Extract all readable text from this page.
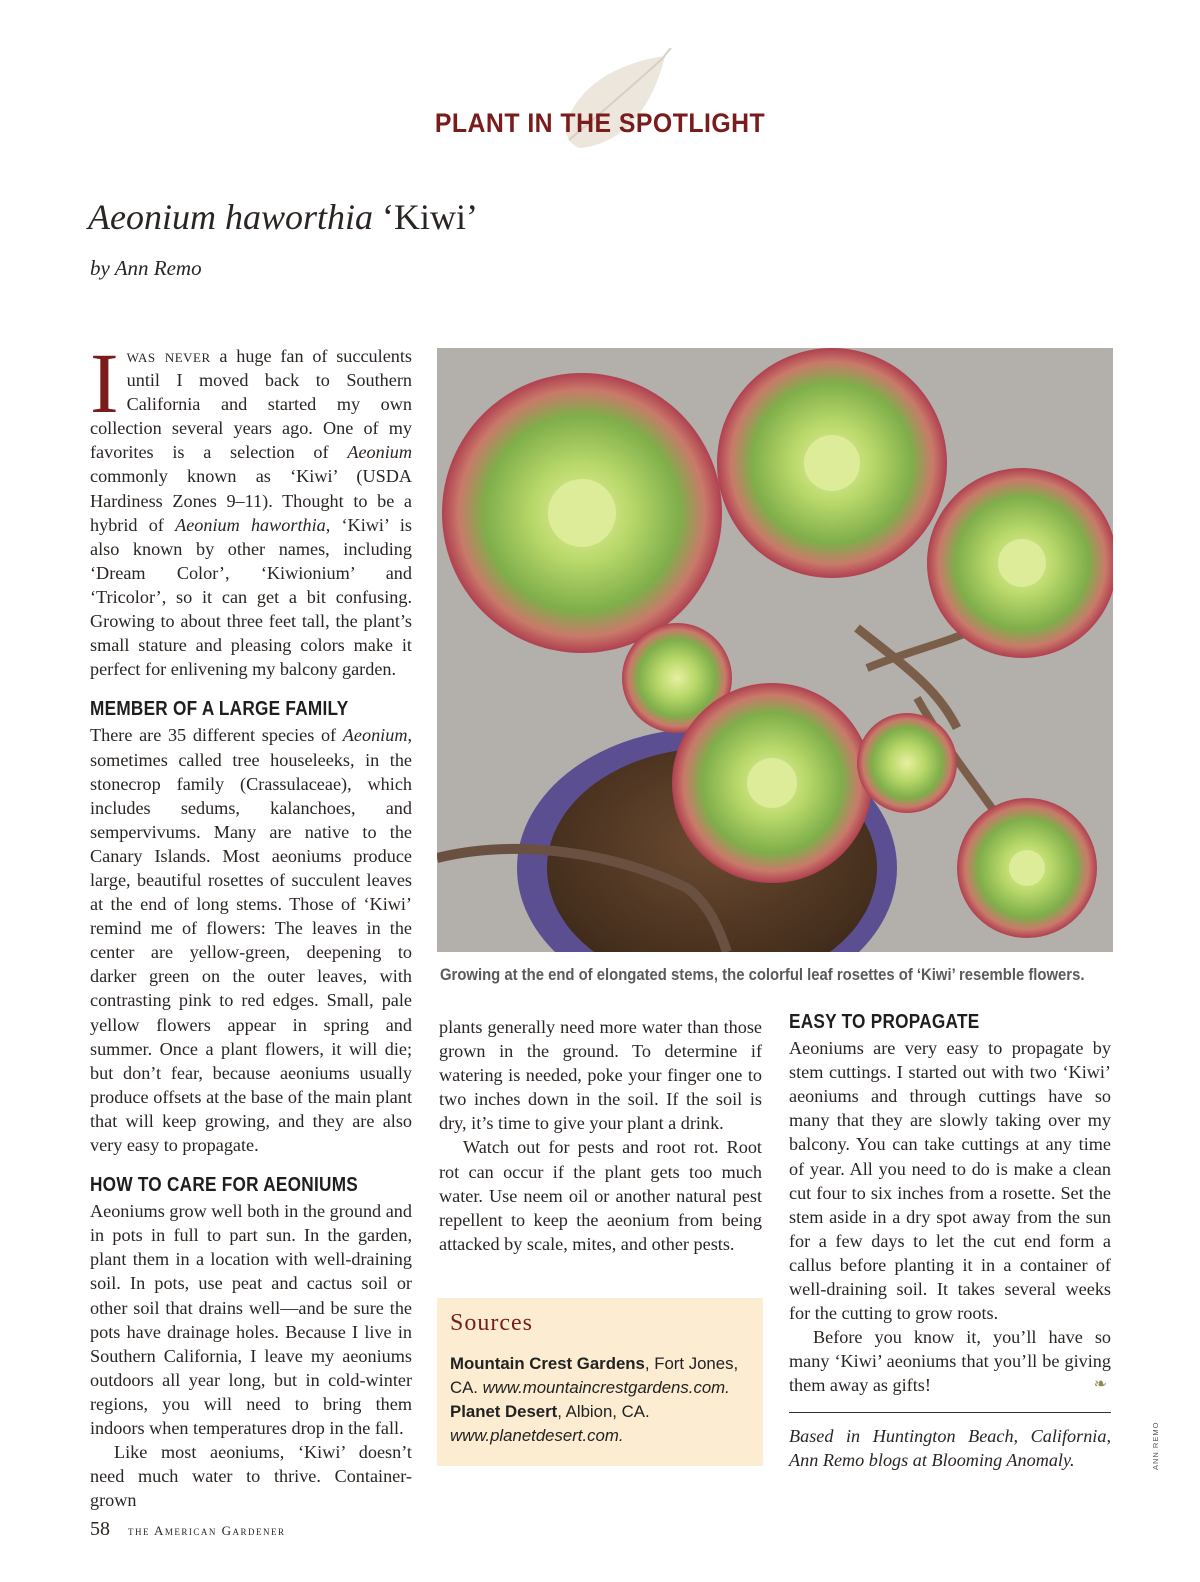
PLANT IN THE SPOTLIGHT
Aeonium haworthia ‘Kiwi’
by Ann Remo

Iwas never a huge fan of succulents until I moved back to Southern California and started my own collection several years ago. One of my favorites is a selection of Aeonium commonly known as ‘Kiwi’ (USDA Hardiness Zones 9–11). Thought to be a hybrid of Aeonium haworthia, ‘Kiwi’ is also known by other names, including ‘Dream Color’, ‘Kiwionium’ and ‘Tricolor’, so it can get a bit confusing. Growing to about three feet tall, the plant’s small stature and pleasing colors make it perfect for enlivening my balcony garden.

MEMBER OF A LARGE FAMILY

There are 35 different species of Aeonium, sometimes called tree houseleeks, in the stonecrop family (Crassulaceae), which includes sedums, kalanchoes, and sempervivums. Many are native to the Canary Islands. Most aeoniums produce large, beautiful rosettes of succulent leaves at the end of long stems. Those of ‘Kiwi’ remind me of flowers: The leaves in the center are yellow-green, deepening to darker green on the outer leaves, with contrasting pink to red edges. Small, pale yellow flowers appear in spring and summer. Once a plant flowers, it will die; but don’t fear, because aeoniums usually produce offsets at the base of the main plant that will keep growing, and they are also very easy to propagate.

HOW TO CARE FOR AEONIUMS

Aeoniums grow well both in the ground and in pots in full to part sun. In the garden, plant them in a location with well-draining soil. In pots, use peat and cactus soil or other soil that drains well—and be sure the pots have drainage holes. Because I live in Southern California, I leave my aeoniums outdoors all year long, but in cold-winter regions, you will need to bring them indoors when temperatures drop in the fall.

Like most aeoniums, ‘Kiwi’ doesn’t need much water to thrive. Container-grown

Growing at the end of elongated stems, the colorful leaf rosettes of ‘Kiwi’ resemble flowers.

plants generally need more water than those grown in the ground. To determine if watering is needed, poke your finger one to two inches down in the soil. If the soil is dry, it’s time to give your plant a drink.

Watch out for pests and root rot. Root rot can occur if the plant gets too much water. Use neem oil or another natural pest repellent to keep the aeonium from being attacked by scale, mites, and other pests.

Sources
Mountain Crest Gardens, Fort Jones, CA. www.mountaincrestgardens.com.
Planet Desert, Albion, CA. www.planetdesert.com.
EASY TO PROPAGATE

Aeoniums are very easy to propagate by stem cuttings. I started out with two ‘Kiwi’ aeoniums and through cuttings have so many that they are slowly taking over my balcony. You can take cuttings at any time of year. All you need to do is make a clean cut four to six inches from a rosette. Set the stem aside in a dry spot away from the sun for a few days to let the cut end form a callus before planting it in a container of well-draining soil. It takes several weeks for the cutting to grow roots.

Before you know it, you’ll have so many ‘Kiwi’ aeoniums that you’ll be giving them away as gifts!	❧

Based in Huntington Beach, California, Ann Remo blogs at Blooming Anomaly.	ANN REMO
58 the American Gardener
